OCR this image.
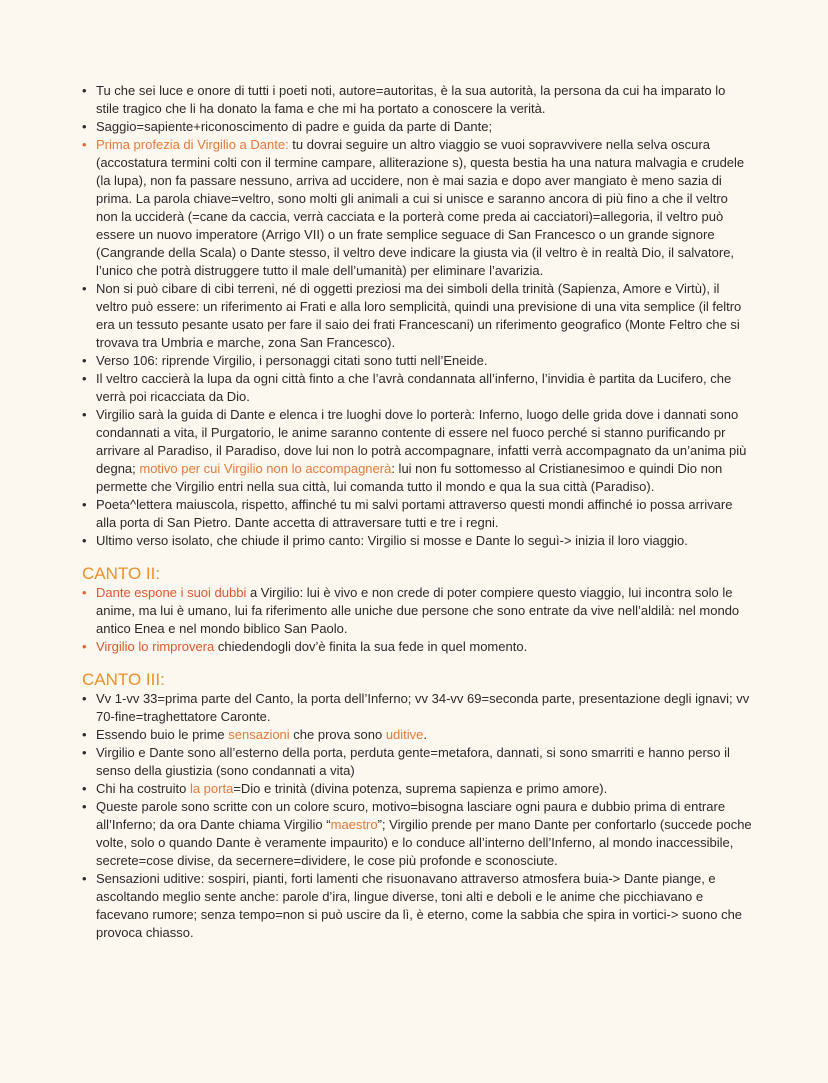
• Tu che sei luce e onore di tutti i poeti noti, autore=autoritas, è la sua autorità, la persona da cui ha imparato lo stile tragico che li ha donato la fama e che mi ha portato a conoscere la verità.
• Saggio=sapiente+riconoscimento di padre e guida da parte di Dante;
• Prima profezia di Virgilio a Dante: tu dovrai seguire un altro viaggio se vuoi sopravvivere nella selva oscura (accostatura termini colti con il termine campare, alliterazione s), questa bestia ha una natura malvagia e crudele (la lupa), non fa passare nessuno, arriva ad uccidere, non è mai sazia e dopo aver mangiato è meno sazia di prima. La parola chiave=veltro, sono molti gli animali a cui si unisce e saranno ancora di più fino a che il veltro non la ucciderà (=cane da caccia, verrà cacciata e la porterà come preda ai cacciatori)=allegoria, il veltro può essere un nuovo imperatore (Arrigo VII) o un frate semplice seguace di San Francesco o un grande signore (Cangrande della Scala) o Dante stesso, il veltro deve indicare la giusta via (il veltro è in realtà Dio, il salvatore, l’unico che potrà distruggere tutto il male dell’umanità) per eliminare l’avarizia.
• Non si può cibare di cibi terreni, né di oggetti preziosi ma dei simboli della trinità (Sapienza, Amore e Virtù), il veltro può essere: un riferimento ai Frati e alla loro semplicità, quindi una previsione di una vita semplice (il feltro era un tessuto pesante usato per fare il saio dei frati Francescani) un riferimento geografico (Monte Feltro che si trovava tra Umbria e marche, zona San Francesco).
• Verso 106: riprende Virgilio, i personaggi citati sono tutti nell’Eneide.
• Il veltro caccierà la lupa da ogni città finto a che l’avrà condannata all’inferno, l’invidia è partita da Lucifero, che verrà poi ricacciata da Dio.
• Virgilio sarà la guida di Dante e elenca i tre luoghi dove lo porterà: Inferno, luogo delle grida dove i dannati sono condannati a vita, il Purgatorio, le anime saranno contente di essere nel fuoco perché si stanno purificando pr arrivare al Paradiso, il Paradiso, dove lui non lo potrà accompagnare, infatti verrà accompagnato da un’anima più degna; motivo per cui Virgilio non lo accompagnerà: lui non fu sottomesso al Cristianesimoo e quindi Dio non permette che Virgilio entri nella sua città, lui comanda tutto il mondo e qua la sua città (Paradiso).
• Poeta^lettera maiuscola, rispetto, affinché tu mi salvi portami attraverso questi mondi affinché io possa arrivare alla porta di San Pietro. Dante accetta di attraversare tutti e tre i regni.
• Ultimo verso isolato, che chiude il primo canto: Virgilio si mosse e Dante lo seguì-> inizia il loro viaggio.
CANTO II:
• Dante espone i suoi dubbi a Virgilio: lui è vivo e non crede di poter compiere questo viaggio, lui incontra solo le anime, ma lui è umano, lui fa riferimento alle uniche due persone che sono entrate da vive nell’aldilà: nel mondo antico Enea e nel mondo biblico San Paolo.
• Virgilio lo rimprovera chiedendogli dov’è finita la sua fede in quel momento.
CANTO III:
• Vv 1-vv 33=prima parte del Canto, la porta dell’Inferno; vv 34-vv 69=seconda parte, presentazione degli ignavi; vv 70-fine=traghettatore Caronte.
• Essendo buio le prime sensazioni che prova sono uditive.
• Virgilio e Dante sono all’esterno della porta, perduta gente=metafora, dannati, si sono smarriti e hanno perso il senso della giustizia (sono condannati a vita)
• Chi ha costruito la porta=Dio e trinità (divina potenza, suprema sapienza e primo amore).
• Queste parole sono scritte con un colore scuro, motivo=bisogna lasciare ogni paura e dubbio prima di entrare all’Inferno; da ora Dante chiama Virgilio “maestro”; Virgilio prende per mano Dante per confortarlo (succede poche volte, solo o quando Dante è veramente impaurito) e lo conduce all’interno dell’Inferno, al mondo inaccessibile, secrete=cose divise, da secernere=dividere, le cose più profonde e sconosciute.
• Sensazioni uditive: sospiri, pianti, forti lamenti che risuonavano attraverso atmosfera buia-> Dante piange, e ascoltando meglio sente anche: parole d’ira, lingue diverse, toni alti e deboli e le anime che picchiavano e facevano rumore; senza tempo=non si può uscire da lì, è eterno, come la sabbia che spira in vortici-> suono che provoca chiasso.
